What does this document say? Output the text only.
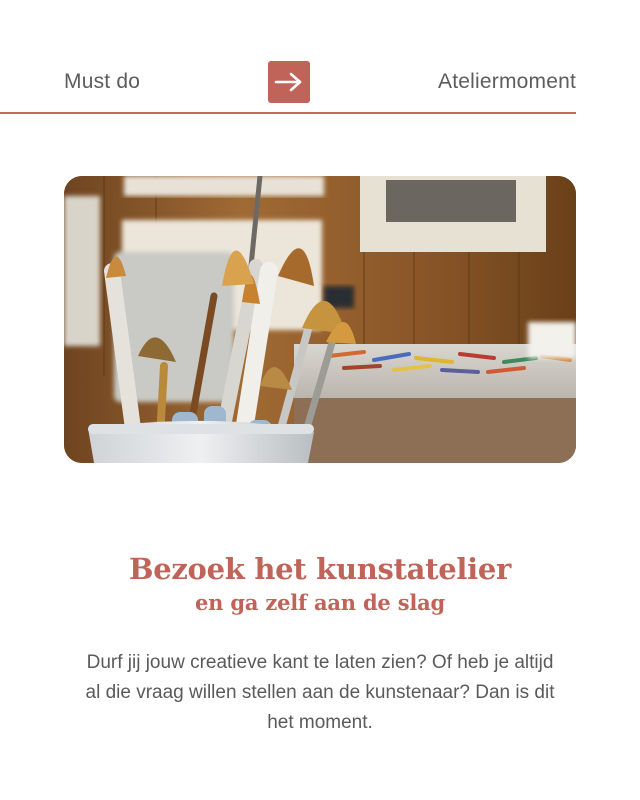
Must do	Ateliermoment
Bezoek het kunstatelier
en ga zelf aan de slag

Durf jij jouw creatieve kant te laten zien? Of heb je altijd al die vraag willen stellen aan de kunstenaar? Dan is dit het moment.
